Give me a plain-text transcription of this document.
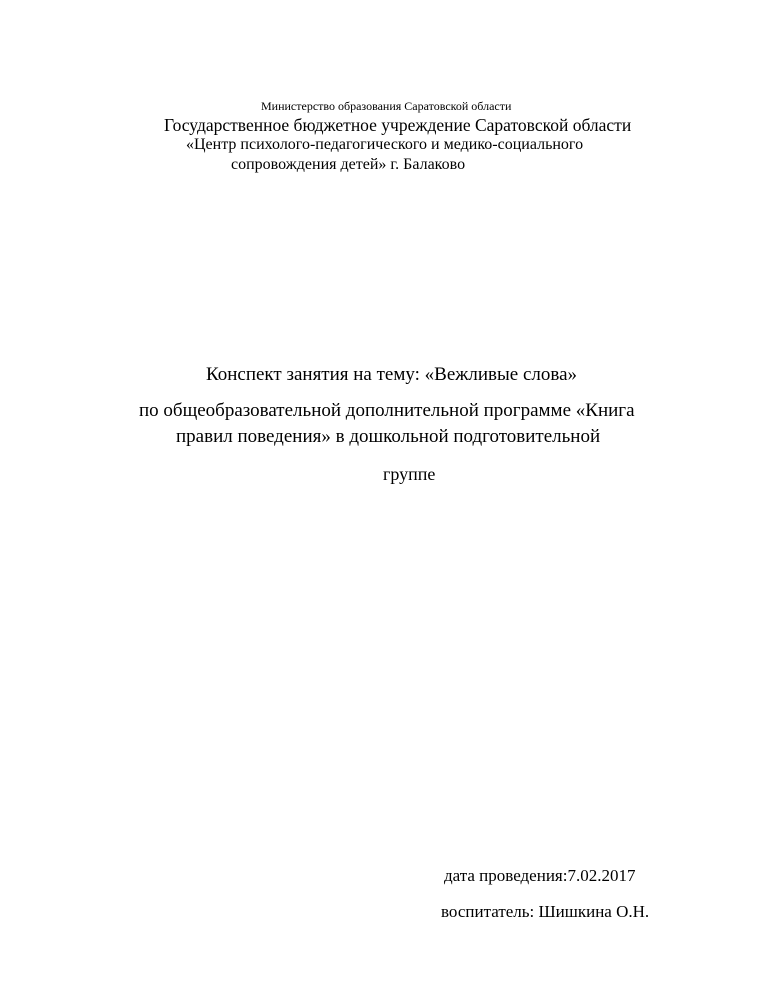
Министерство образования Саратовской области
Государственное бюджетное учреждение Саратовской области
«Центр психолого-педагогического и медико-социального
сопровождения детей» г. Балаково
Конспект занятия на тему: «Вежливые слова»
по общеобразовательной дополнительной программе «Книга
правил поведения» в дошкольной подготовительной
группе
дата проведения:7.02.2017
воспитатель: Шишкина О.Н.
